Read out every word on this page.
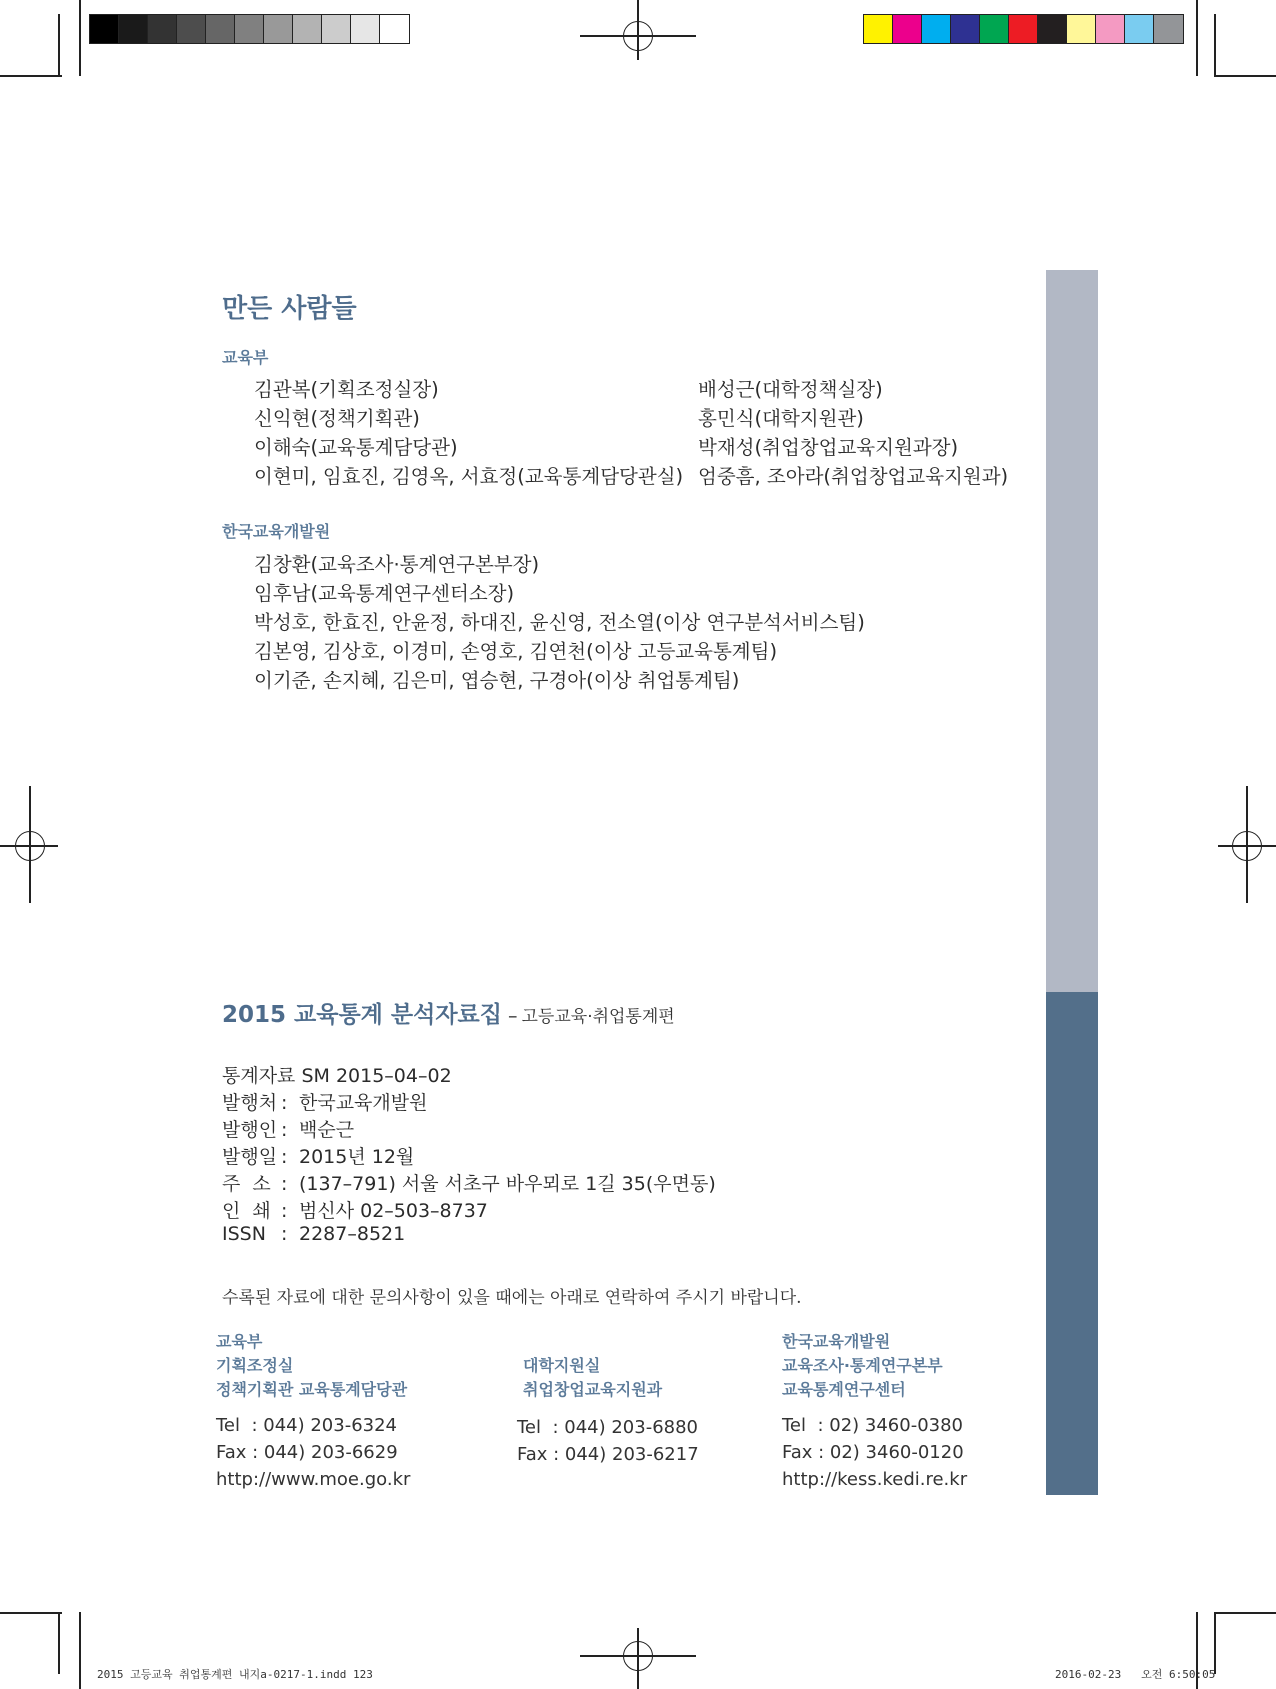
만든 사람들
교육부
김관복(기획조정실장)
신익현(정책기획관)
이해숙(교육통계담당관)
이현미, 임효진, 김영옥, 서효정(교육통계담당관실)
배성근(대학정책실장)
홍민식(대학지원관)
박재성(취업창업교육지원과장)
엄중흠, 조아라(취업창업교육지원과)
한국교육개발원
김창환(교육조사·통계연구본부장)
임후남(교육통계연구센터소장)
박성호, 한효진, 안윤정, 하대진, 윤신영, 전소열(이상 연구분석서비스팀)
김본영, 김상호, 이경미, 손영호, 김연천(이상 고등교육통계팀)
이기준, 손지혜, 김은미, 엽승현, 구경아(이상 취업통계팀)
2015 교육통계 분석자료집 – 고등교육·취업통계편
통계자료 SM 2015–04–02
발행처 : 한국교육개발원
발행인 : 백순근
발행일 : 2015년 12월
주  소 : (137–791) 서울 서초구 바우뫼로 1길 35(우면동)
인  쇄 : 범신사 02–503–8737
ISSN : 2287–8521
수록된 자료에 대한 문의사항이 있을 때에는 아래로 연락하여 주시기 바랍니다.
교육부
기획조정실
정책기획관 교육통계담당관
Tel  : 044) 203-6324
Fax : 044) 203-6629
http://www.moe.go.kr
대학지원실
취업창업교육지원과
Tel  : 044) 203-6880
Fax : 044) 203-6217
한국교육개발원
교육조사·통계연구본부
교육통계연구센터
Tel  : 02) 3460-0380
Fax : 02) 3460-0120
http://kess.kedi.re.kr
2015 고등교육 취업통계편 내지a-0217-1.indd 123	2016-02-23   오전 6:50:05
